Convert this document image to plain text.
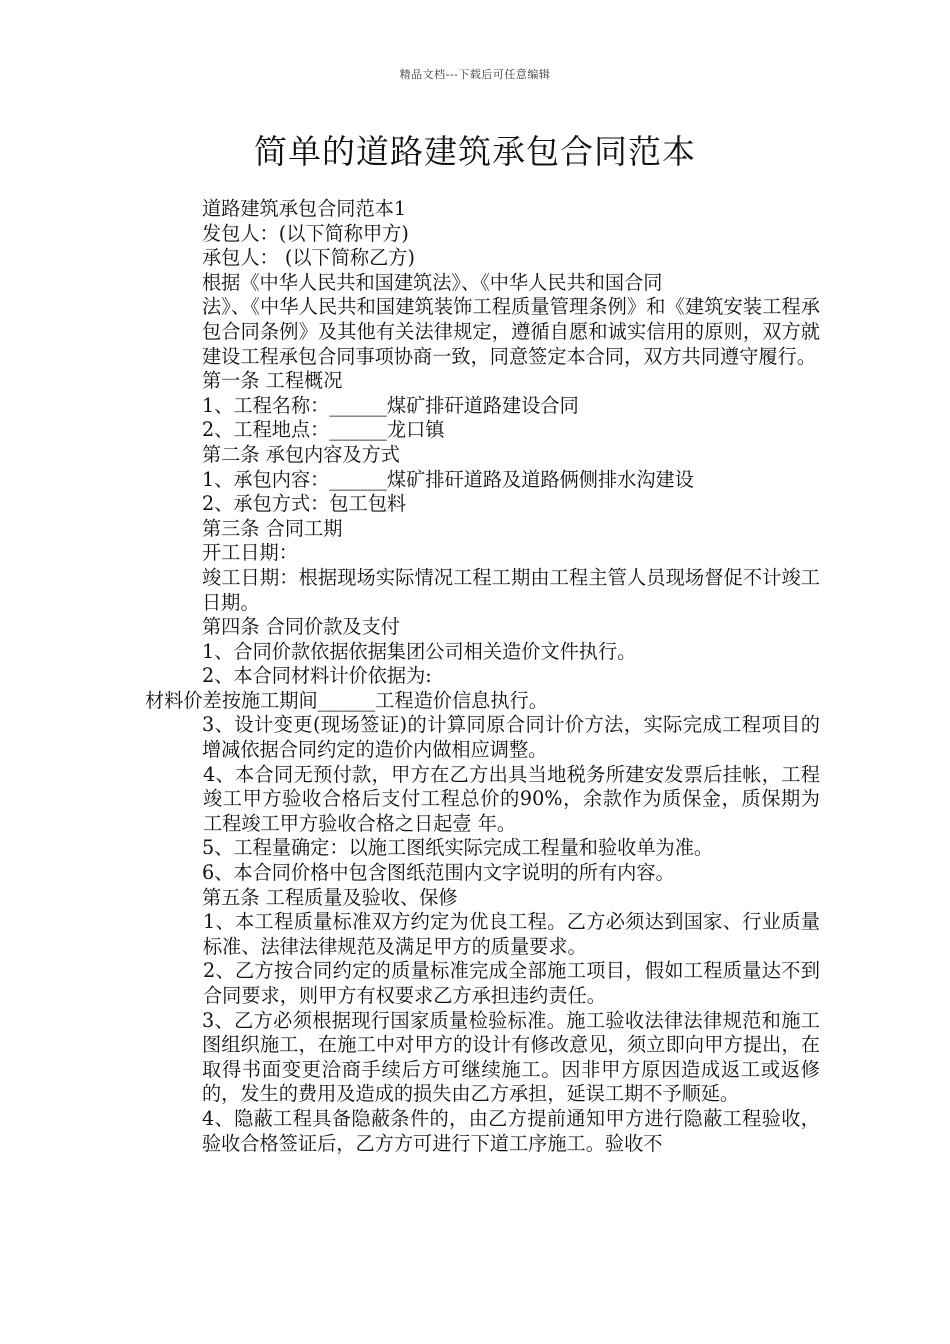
精品文档---下载后可任意编辑
简单的道路建筑承包合同范本

道路建筑承包合同范本1

发包人：(以下简称甲方)

承包人： (以下简称乙方)

根据《中华人民共和国建筑法》、《中华人民共和国合同

法》、《中华人民共和国建筑装饰工程质量管理条例》和《建筑安装工程承包合同条例》及其他有关法律规定，遵循自愿和诚实信用的原则，双方就建设工程承包合同事项协商一致，同意签定本合同，双方共同遵守履行。

第一条 工程概况

1、工程名称：______煤矿排矸道路建设合同

2、工程地点：______龙口镇

第二条 承包内容及方式

1、承包内容：______煤矿排矸道路及道路俩侧排水沟建设

2、承包方式：包工包料

第三条 合同工期

开工日期：

竣工日期：根据现场实际情况工程工期由工程主管人员现场督促不计竣工日期。

第四条 合同价款及支付

1、合同价款依据依据集团公司相关造价文件执行。

2、本合同材料计价依据为:

材料价差按施工期间______工程造价信息执行。

3、设计变更(现场签证)的计算同原合同计价方法，实际完成工程项目的增减依据合同约定的造价内做相应调整。

4、本合同无预付款，甲方在乙方出具当地税务所建安发票后挂帐，工程竣工甲方验收合格后支付工程总价的90%，余款作为质保金，质保期为工程竣工甲方验收合格之日起壹 年。

5、工程量确定：以施工图纸实际完成工程量和验收单为准。

6、本合同价格中包含图纸范围内文字说明的所有内容。

第五条 工程质量及验收、保修

1、本工程质量标准双方约定为优良工程。乙方必须达到国家、行业质量标准、法律法律规范及满足甲方的质量要求。

2、乙方按合同约定的质量标准完成全部施工项目，假如工程质量达不到合同要求，则甲方有权要求乙方承担违约责任。

3、乙方必须根据现行国家质量检验标准。施工验收法律法律规范和施工图组织施工，在施工中对甲方的设计有修改意见，须立即向甲方提出，在取得书面变更洽商手续后方可继续施工。因非甲方原因造成返工或返修的，发生的费用及造成的损失由乙方承担，延误工期不予顺延。

4、隐蔽工程具备隐蔽条件的，由乙方提前通知甲方进行隐蔽工程验收，验收合格签证后，乙方方可进行下道工序施工。验收不
